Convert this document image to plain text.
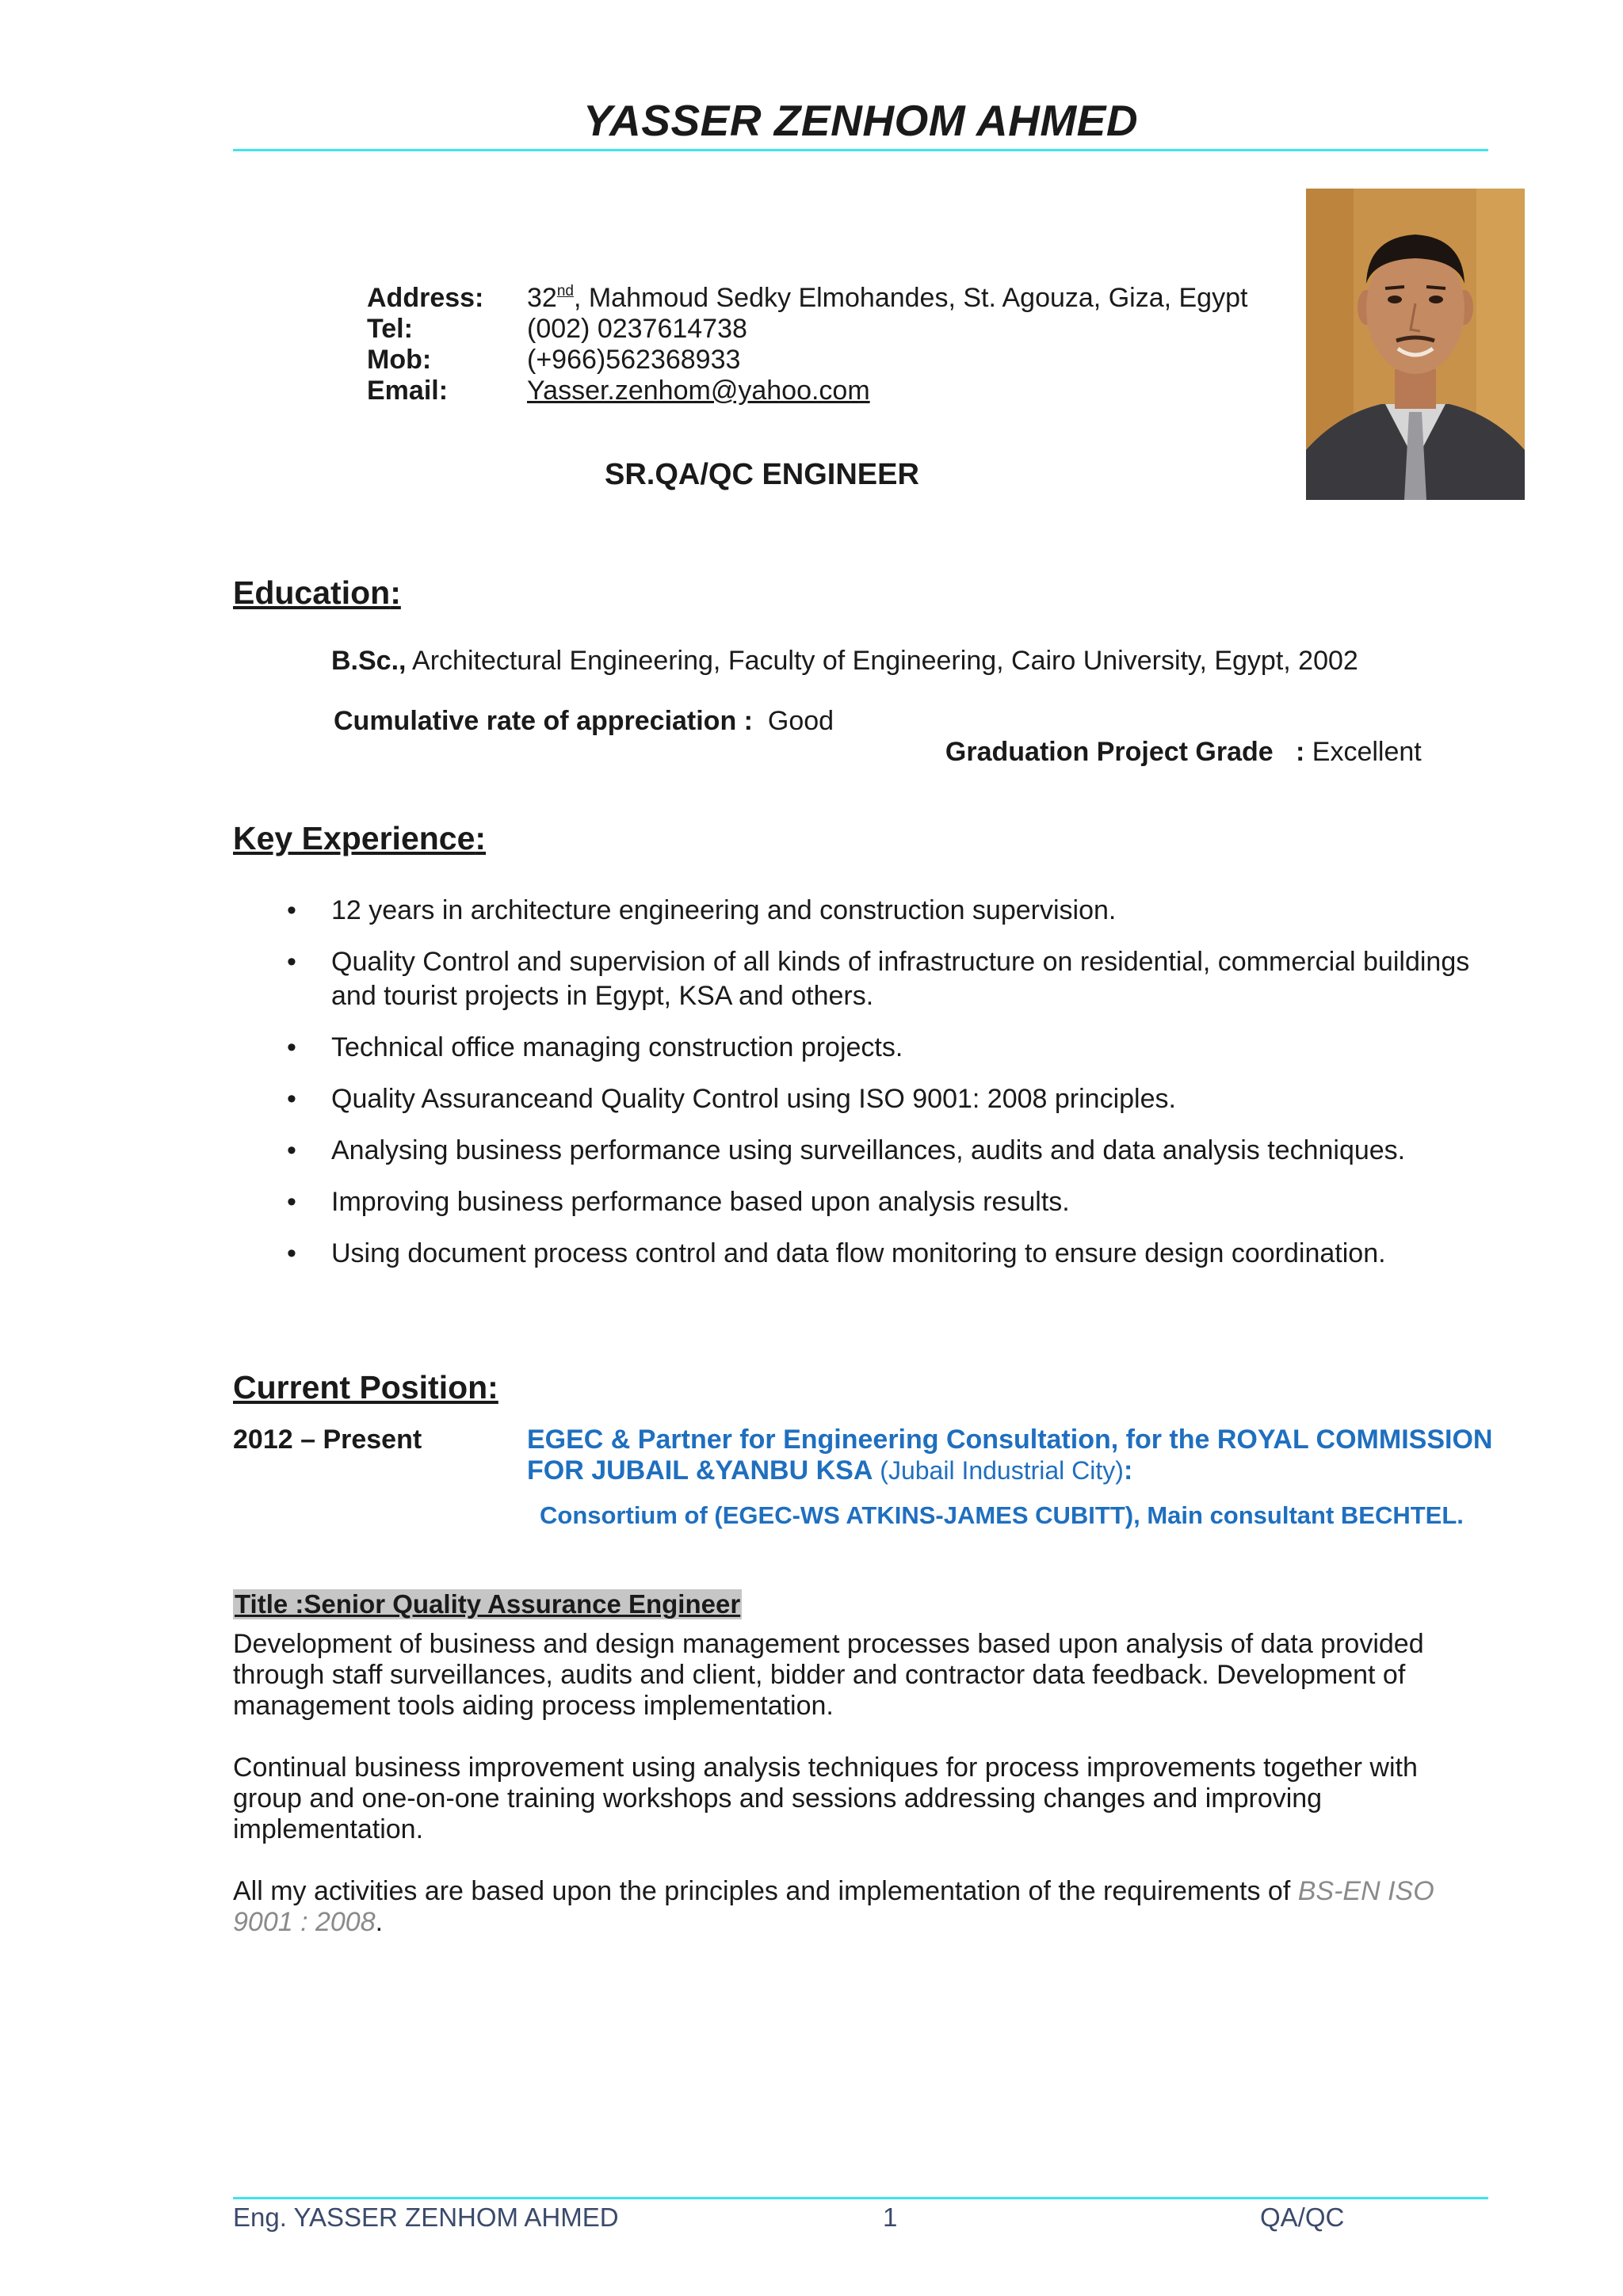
YASSER ZENHOM AHMED
Address:	32nd, Mahmoud Sedky Elmohandes, St. Agouza, Giza, Egypt
Tel:	(002) 0237614738
Mob:	(+966)562368933
Email:	Yasser.zenhom@yahoo.com
SR.QA/QC ENGINEER
Education:
B.Sc., Architectural Engineering, Faculty of Engineering, Cairo University, Egypt, 2002
Cumulative rate of appreciation : Good

Graduation Project Grade   : Excellent

Key Experience:
• 12 years in architecture engineering and construction supervision.
• Quality Control and supervision of all kinds of infrastructure on residential, commercial buildings and tourist projects in Egypt, KSA and others.
• Technical office managing construction projects.
• Quality Assuranceand Quality Control using ISO 9001: 2008 principles.
• Analysing business performance using surveillances, audits and data analysis techniques.
• Improving business performance based upon analysis results.
• Using document process control and data flow monitoring to ensure design coordination.
Current Position:
2012 – Present	EGEC & Partner for Engineering Consultation, for the ROYAL COMMISSION FOR JUBAIL &YANBU KSA (Jubail Industrial City):
Consortium of (EGEC-WS ATKINS-JAMES CUBITT), Main consultant BECHTEL.
Title :Senior Quality Assurance Engineer
Development of business and design management processes based upon analysis of data provided through staff surveillances, audits and client, bidder and contractor data feedback. Development of management tools aiding process implementation.
Continual business improvement using analysis techniques for process improvements together with group and one-on-one training workshops and sessions addressing changes and improving implementation.
All my activities are based upon the principles and implementation of the requirements of BS-EN ISO 9001 : 2008.
Eng. YASSER ZENHOM AHMED	1	QA/QC
